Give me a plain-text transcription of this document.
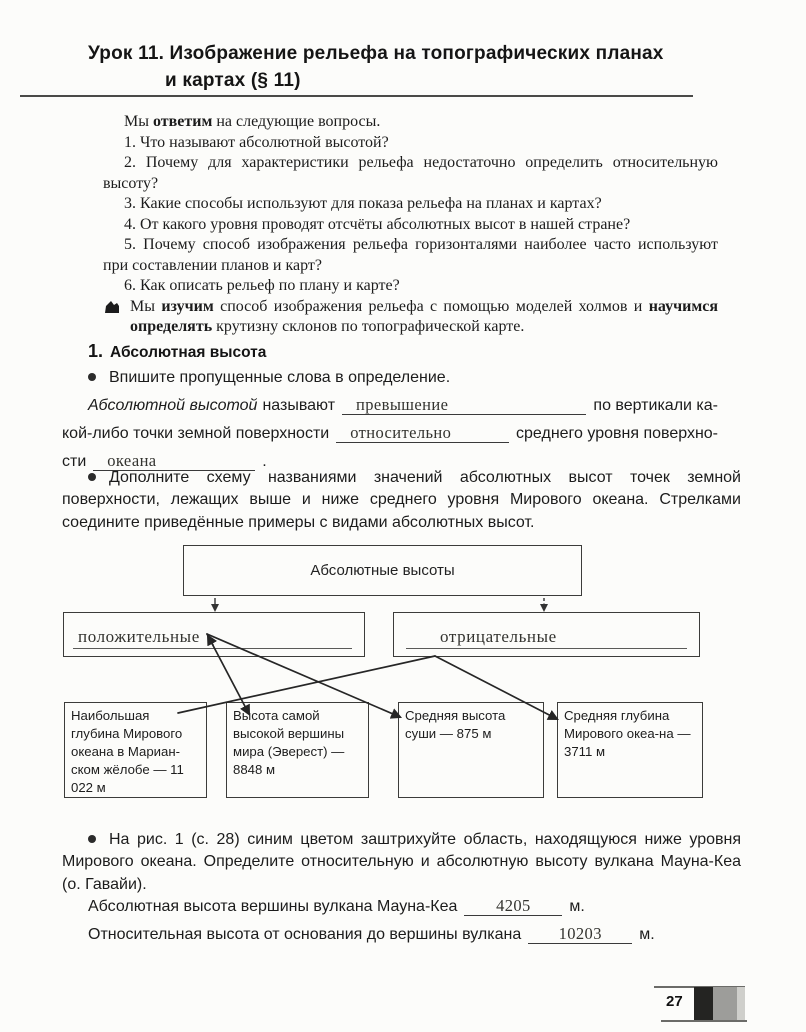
Урок 11. Изображение рельефа на топографических планах
и картах (§ 11)

Мы ответим на следующие вопросы.

1. Что называют абсолютной высотой?

2. Почему для характеристики рельефа недостаточно определить относительную высоту?

3. Какие способы используют для показа рельефа на планах и картах?

4. От какого уровня проводят отсчёты абсолютных высот в нашей стране?

5. Почему способ изображения рельефа горизонталями наиболее часто используют при составлении планов и карт?

6. Как описать рельеф по плану и карте?

Мы изучим способ изображения рельефа с помощью моделей холмов и научимся определять крутизну склонов по топографической карте.

1. Абсолютная высота
Впишите пропущенные слова в определение.
Абсолютной высотой называют превышение	по вертикали ка-
кой-либо точки земной поверхности относительно	среднего уровня поверхно-
сти океана	.

Дополните схему названиями значений абсолютных высот точек земной поверхности, лежащих выше и ниже среднего уровня Мирового океана. Стрелками соедините приведённые примеры с видами абсолютных высот.

Абсолютные высоты
положительные	отрицательные
Наибольшая глубина Мирового океана в Мариан-ском жёлобе — 11 022 м
Высота самой высокой вершины мира (Эверест) — 8848 м
Средняя высота суши — 875 м
Средняя глубина Мирового океа-на — 3711 м

На рис. 1 (с. 28) синим цветом заштрихуйте область, находящуюся ниже уровня Мирового океана. Определите относительную и абсолютную высоту вулкана Мауна-Кеа (о. Гавайи).

Абсолютная высота вершины вулкана Мауна-Кеа 4205 м.
Относительная высота от основания до вершины вулкана 10203 м.
27
